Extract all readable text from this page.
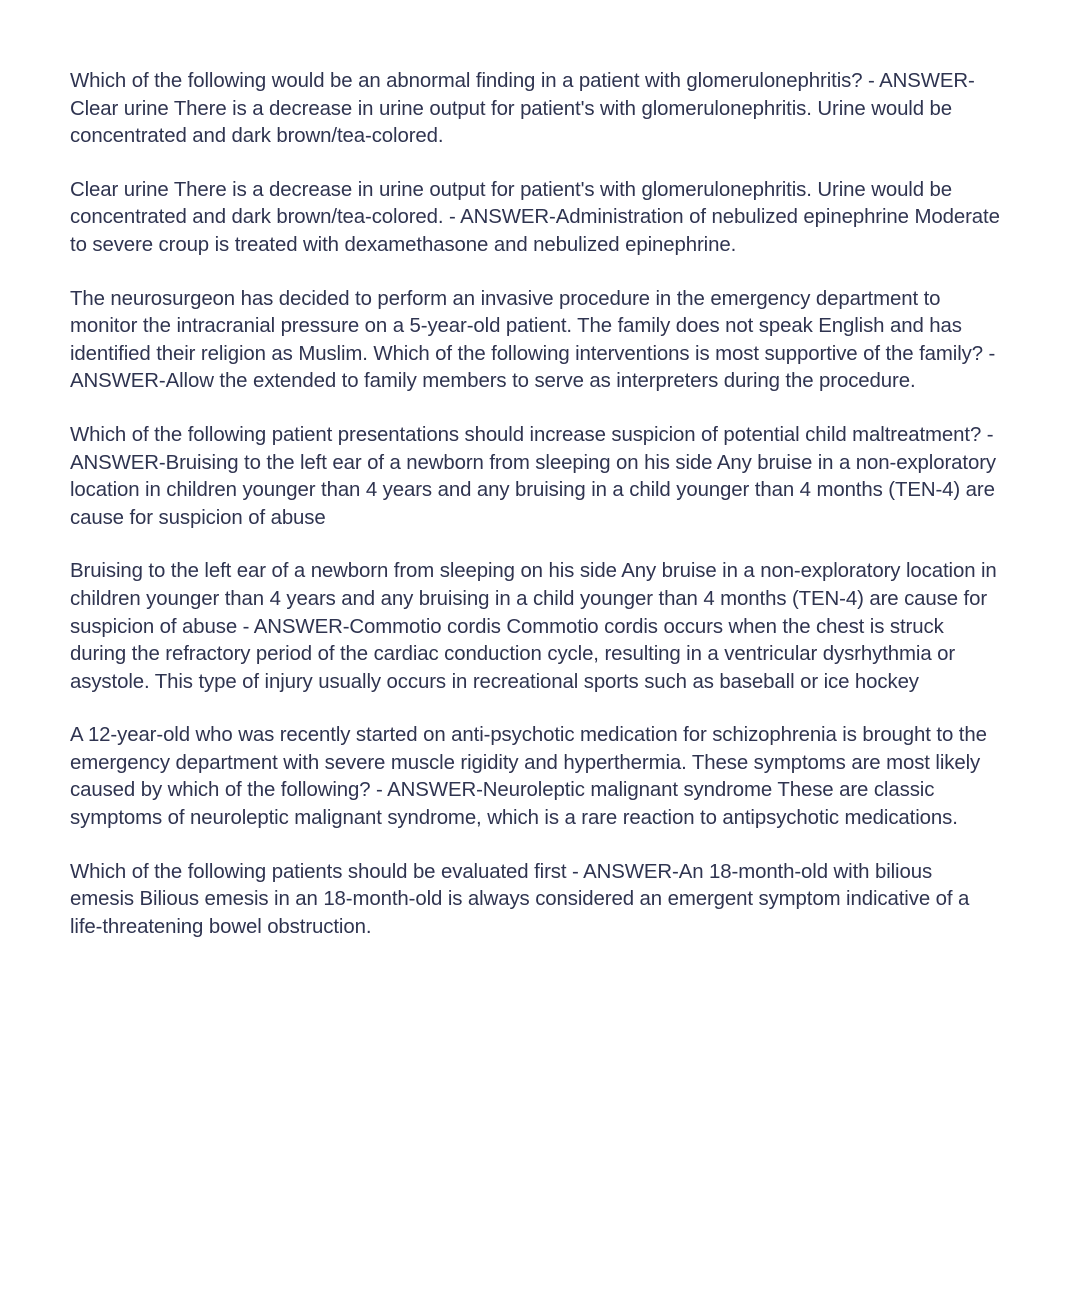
Which of the following would be an abnormal finding in a patient with glomerulonephritis? - ANSWER-Clear urine There is a decrease in urine output for patient's with glomerulonephritis. Urine would be concentrated and dark brown/tea-colored.

Clear urine There is a decrease in urine output for patient's with glomerulonephritis. Urine would be concentrated and dark brown/tea-colored. - ANSWER-Administration of nebulized epinephrine Moderate to severe croup is treated with dexamethasone and nebulized epinephrine.

The neurosurgeon has decided to perform an invasive procedure in the emergency department to monitor the intracranial pressure on a 5-year-old patient. The family does not speak English and has identified their religion as Muslim. Which of the following interventions is most supportive of the family? - ANSWER-Allow the extended to family members to serve as interpreters during the procedure.

Which of the following patient presentations should increase suspicion of potential child maltreatment? - ANSWER-Bruising to the left ear of a newborn from sleeping on his side Any bruise in a non-exploratory location in children younger than 4 years and any bruising in a child younger than 4 months (TEN-4) are cause for suspicion of abuse

Bruising to the left ear of a newborn from sleeping on his side Any bruise in a non-exploratory location in children younger than 4 years and any bruising in a child younger than 4 months (TEN-4) are cause for suspicion of abuse - ANSWER-Commotio cordis Commotio cordis occurs when the chest is struck during the refractory period of the cardiac conduction cycle, resulting in a ventricular dysrhythmia or asystole. This type of injury usually occurs in recreational sports such as baseball or ice hockey

A 12-year-old who was recently started on anti-psychotic medication for schizophrenia is brought to the emergency department with severe muscle rigidity and hyperthermia. These symptoms are most likely caused by which of the following? - ANSWER-Neuroleptic malignant syndrome These are classic symptoms of neuroleptic malignant syndrome, which is a rare reaction to antipsychotic medications.

Which of the following patients should be evaluated first - ANSWER-An 18-month-old with bilious emesis Bilious emesis in an 18-month-old is always considered an emergent symptom indicative of a life-threatening bowel obstruction.
